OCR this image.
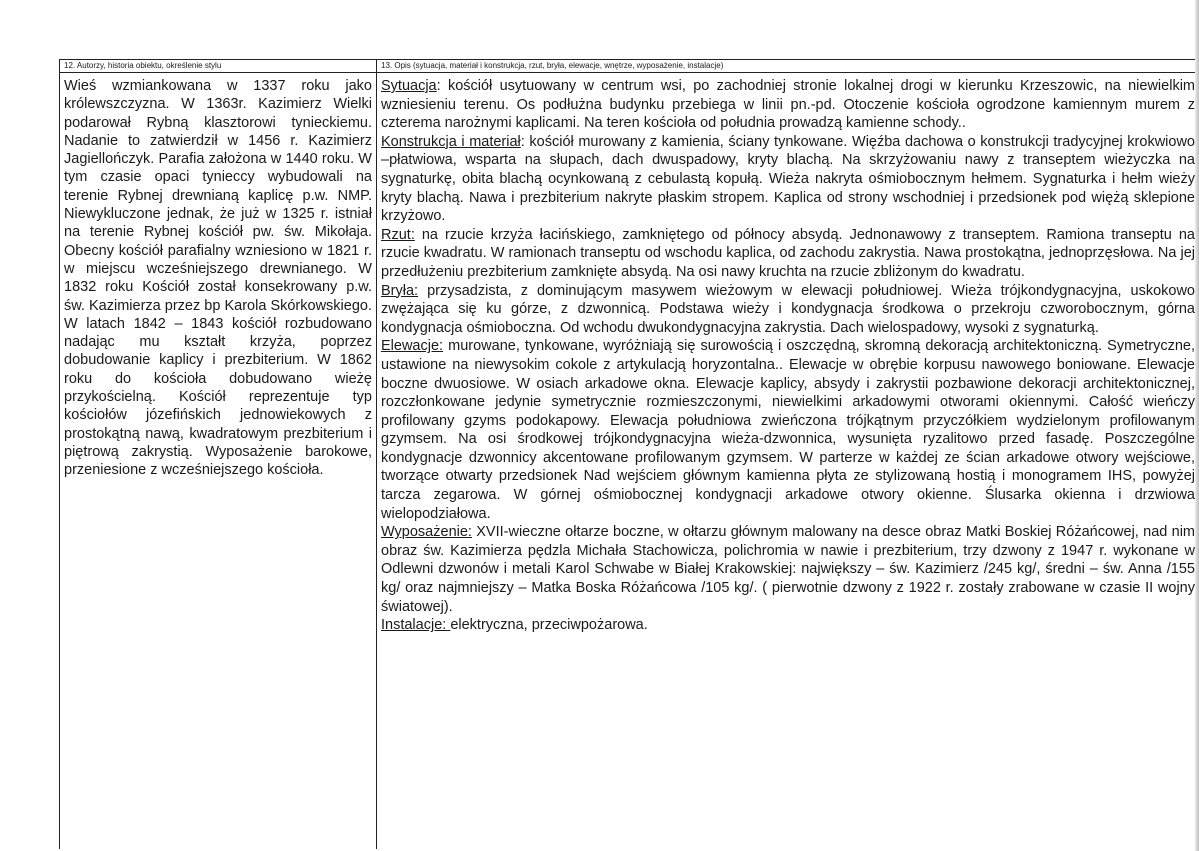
12. Autorzy, historia obiektu, określenie stylu
Wieś wzmiankowana w 1337 roku jako królewszczyzna. W 1363r. Kazimierz Wielki podarował Rybną klasztorowi tynieckiemu. Nadanie to zatwierdził w 1456 r. Kazimierz Jagiellończyk. Parafia założona w 1440 roku. W tym czasie opaci tynieccy wybudowali na terenie Rybnej drewnianą kaplicę p.w. NMP. Niewykluczone jednak, że już w 1325 r. istniał na terenie Rybnej kościół pw. św. Mikołaja. Obecny kościół parafialny wzniesiono w 1821 r. w miejscu wcześniejszego drewnianego. W 1832 roku Kościół został konsekrowany p.w. św. Kazimierza przez bp Karola Skórkowskiego. W latach 1842 – 1843 kościół rozbudowano nadając mu kształt krzyża, poprzez dobudowanie kaplicy i prezbiterium. W 1862 roku do kościoła dobudowano wieżę przykościelną. Kościół reprezentuje typ kościołów józefińskich jednowiekowych z prostokątną nawą, kwadratowym prezbiterium i piętrową zakrystią. Wyposażenie barokowe, przeniesione z wcześniejszego kościoła.
13. Opis (sytuacja, materiał i konstrukcja, rzut, bryła, elewacje, wnętrze, wyposażenie, instalacje)

Sytuacja: kościół usytuowany w centrum wsi, po zachodniej stronie lokalnej drogi w kierunku Krzeszowic, na niewielkim wzniesieniu terenu. Os podłużna budynku przebiega w linii pn.-pd. Otoczenie kościoła ogrodzone kamiennym murem z czterema narożnymi kaplicami. Na teren kościoła od południa prowadzą kamienne schody..

Konstrukcja i materiał: kościół murowany z kamienia, ściany tynkowane. Więźba dachowa o konstrukcji tradycyjnej krokwiowo –płatwiowa, wsparta na słupach, dach dwuspadowy, kryty blachą. Na skrzyżowaniu nawy z transeptem wieżyczka na sygnaturkę, obita blachą ocynkowaną z cebulastą kopułą. Wieża nakryta ośmiobocznym hełmem. Sygnaturka i hełm wieży kryty blachą. Nawa i prezbiterium nakryte płaskim stropem. Kaplica od strony wschodniej i przedsionek pod więżą sklepione krzyżowo.

Rzut: na rzucie krzyża łacińskiego, zamkniętego od północy absydą. Jednonawowy z transeptem. Ramiona transeptu na rzucie kwadratu. W ramionach transeptu od wschodu kaplica, od zachodu zakrystia. Nawa prostokątna, jednoprzęsłowa. Na jej przedłużeniu prezbiterium zamknięte absydą. Na osi nawy kruchta na rzucie zbliżonym do kwadratu.

Bryła: przysadzista, z dominującym masywem wieżowym w elewacji południowej. Wieża trójkondygnacyjna, uskokowo zwężająca się ku górze, z dzwonnicą. Podstawa wieży i kondygnacja środkowa o przekroju czworobocznym, górna kondygnacja ośmioboczna. Od wchodu dwukondygnacyjna zakrystia. Dach wielospadowy, wysoki z sygnaturką.

Elewacje: murowane, tynkowane, wyróżniają się surowością i oszczędną, skromną dekoracją architektoniczną. Symetryczne, ustawione na niewysokim cokole z artykulacją horyzontalna.. Elewacje w obrębie korpusu nawowego boniowane. Elewacje boczne dwuosiowe. W osiach arkadowe okna. Elewacje kaplicy, absydy i zakrystii pozbawione dekoracji architektonicznej, rozczłonkowane jedynie symetrycznie rozmieszczonymi, niewielkimi arkadowymi otworami okiennymi. Całość wieńczy profilowany gzyms podokapowy. Elewacja południowa zwieńczona trójkątnym przyczółkiem wydzielonym profilowanym gzymsem. Na osi środkowej trójkondygnacyjna wieża-dzwonnica, wysunięta ryzalitowo przed fasadę. Poszczególne kondygnacje dzwonnicy akcentowane profilowanym gzymsem. W parterze w każdej ze ścian arkadowe otwory wejściowe, tworzące otwarty przedsionek Nad wejściem głównym kamienna płyta ze stylizowaną hostią i monogramem IHS, powyżej tarcza zegarowa. W górnej ośmiobocznej kondygnacji arkadowe otwory okienne. Ślusarka okienna i drzwiowa wielopodziałowa.

Wyposażenie: XVII-wieczne ołtarze boczne, w ołtarzu głównym malowany na desce obraz Matki Boskiej Różańcowej, nad nim obraz św. Kazimierza pędzla Michała Stachowicza, polichromia w nawie i prezbiterium, trzy dzwony z 1947 r. wykonane w Odlewni dzwonów i metali Karol Schwabe w Białej Krakowskiej: największy – św. Kazimierz /245 kg/, średni – św. Anna /155 kg/ oraz najmniejszy – Matka Boska Różańcowa /105 kg/. ( pierwotnie dzwony z 1922 r. zostały zrabowane w czasie II wojny światowej).

Instalacje: elektryczna, przeciwpożarowa.
